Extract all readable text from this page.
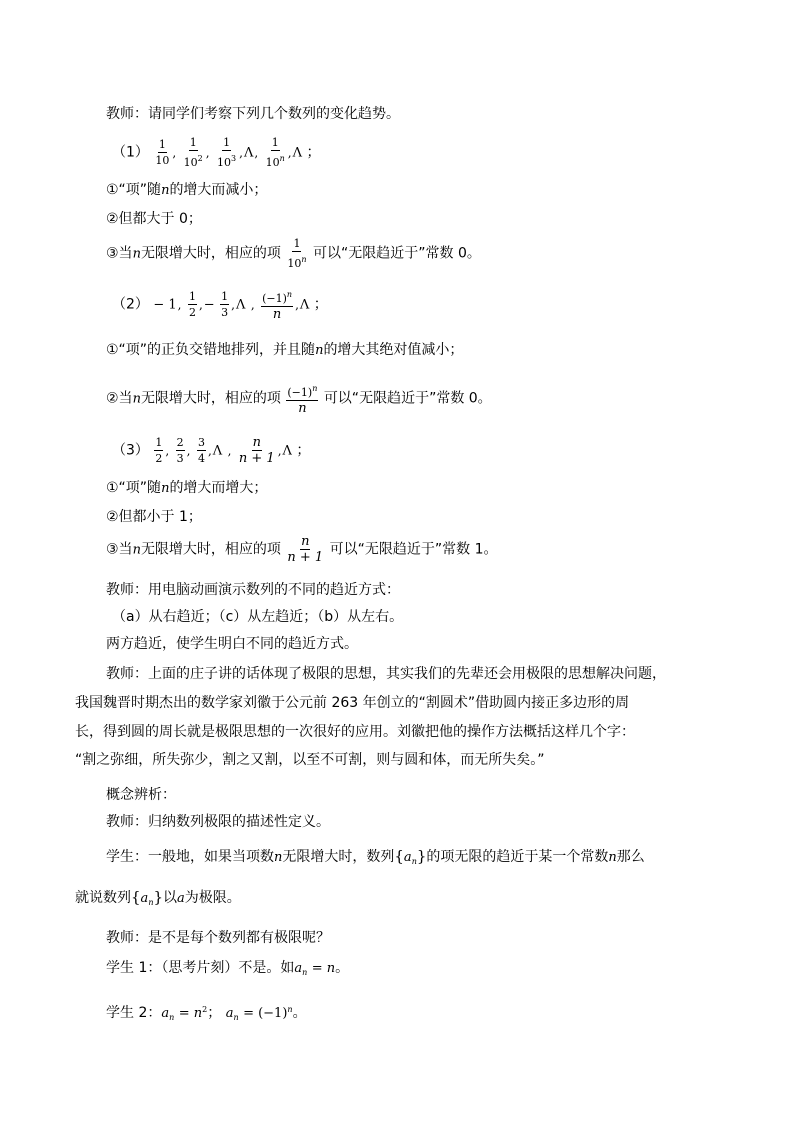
教师：请同学们考察下列几个数列的变化趋势。
$(1) \frac{1}{10}$ , $\frac{1}{10^2}$ , $\frac{1}{10^3} ,\Lambda$, $\frac{1}{10^n} ,\Lambda$ ；
①“项”随n的增大而减小；
②但都大于 0；
③当n无限增大时，相应的项 $\frac{1}{10^n}$ 可以“无限趋近于”常数 0。
（2） − 1, $\frac{1}{2}$ ,− $\frac{1}{3} ,\Lambda$ , $\frac{(-1)^n}{n} ,\Lambda$ ；
①“项”的正负交错地排列，并且随n的增大其绝对值减小；
②当n无限增大时，相应的项 $\frac{(-1)^n}{n}$ 可以“无限趋近于”常数 0。
$(3) \frac{1}{2}$ , $\frac{2}{3}$ , $\frac{3}{4} ,\Lambda$ , $\frac{n}{n + 1} ,\Lambda$ ；
①“项”随n的增大而增大；
②但都小于 1；
③当n无限增大时，相应的项 $\frac{n}{n + 1}$ 可以“无限趋近于”常数 1。
教师：用电脑动画演示数列的不同的趋近方式：
（a）从右趋近；（c）从左趋近；（b）从左右。
两方趋近，使学生明白不同的趋近方式。
教师：上面的庄子讲的话体现了极限的思想，其实我们的先辈还会用极限的思想解决问题，
我国魏晋时期杰出的数学家刘徽于公元前 263 年创立的“割圆术”借助圆内接正多边形的周
长，得到圆的周长就是极限思想的一次很好的应用。刘徽把他的操作方法概括这样几个字：
“割之弥细，所失弥少，割之又割，以至不可割，则与圆和体，而无所失矣。”
概念辨析：
教师：归纳数列极限的描述性定义。
学生：一般地，如果当项数n无限增大时，数列$\{a_n\}$的项无限的趋近于某一个常数n那么
就说数列$\{a_n\}$以a为极限。
教师：是不是每个数列都有极限呢？
学生 1：（思考片刻）不是。如$a_n = n$。
学生 2：$a_n = n^2$； $a_n = (-1)^n$。
